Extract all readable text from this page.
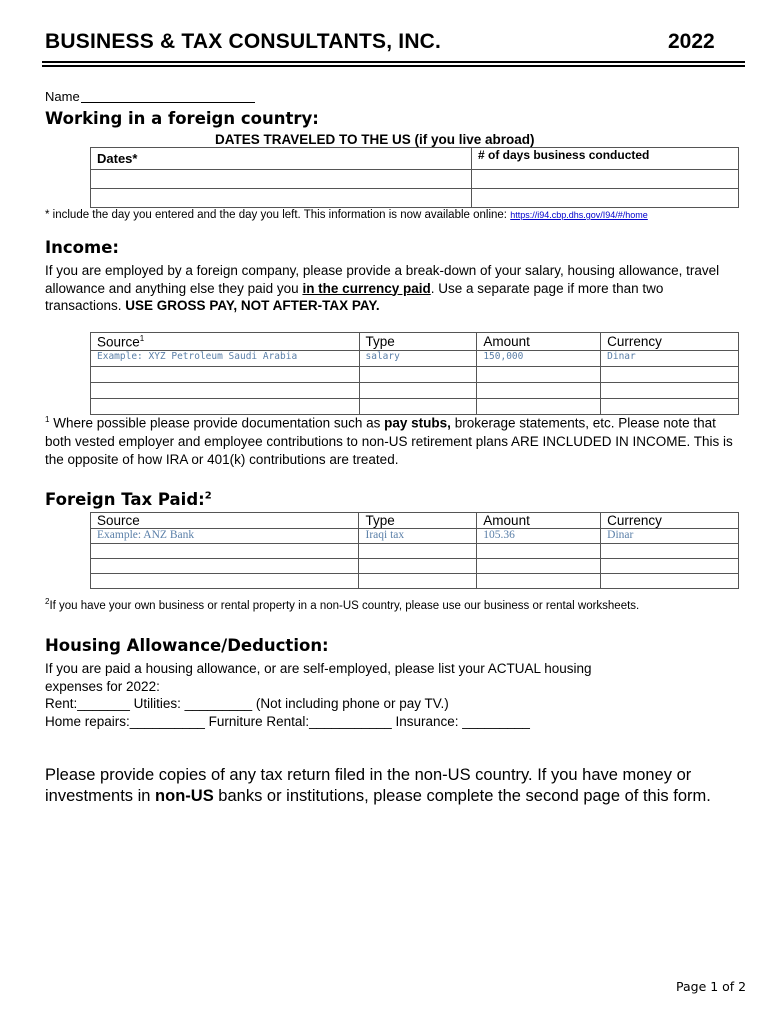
BUSINESS & TAX CONSULTANTS, INC.	2022
Name
Working in a foreign country:
DATES TRAVELED TO THE US (if you live abroad)
Dates*	# of days business conducted

* include the day you entered and the day you left. This information is now available online: https://i94.cbp.dhs.gov/I94/#/home
Income:
If you are employed by a foreign company, please provide a break-down of your salary, housing allowance, travel allowance and anything else they paid you in the currency paid. Use a separate page if more than two transactions. USE GROSS PAY, NOT AFTER-TAX PAY.
Source$^1$	Type	Amount	Currency
Example: XYZ Petroleum Saudi Arabia	salary	150,000	Dinar

$^1$ Where possible please provide documentation such as pay stubs, brokerage statements, etc. Please note that both vested employer and employee contributions to non-US retirement plans ARE INCLUDED IN INCOME. This is the opposite of how IRA or 401(k) contributions are treated.
Foreign Tax Paid:$^2$
Source	Type	Amount	Currency
Example: ANZ Bank	Iraqi tax	105.36	Dinar

$^2$If you have your own business or rental property in a non-US country, please use our business or rental worksheets.
Housing Allowance/Deduction:
If you are paid a housing allowance, or are self-employed, please list your ACTUAL housing
expenses for 2022:
Rent:_______ Utilities: _________ (Not including phone or pay TV.)
Home repairs:__________ Furniture Rental:___________ Insurance: _________
Please provide copies of any tax return filed in the non-US country. If you have money or investments in non-US banks or institutions, please complete the second page of this form.
Page 1 of 2
